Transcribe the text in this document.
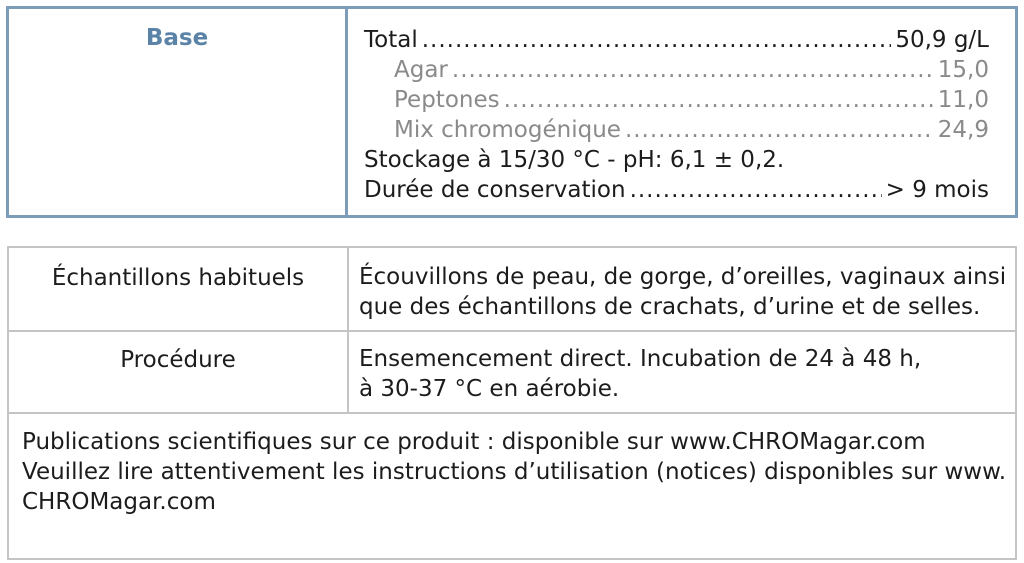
Base	Total .....	50,9 g/L
Agar .....	15,0
Peptones .....	11,0
Mix chromogénique .....	24,9
Stockage à 15/30 °C - pH: 6,1 ± 0,2.
Durée de conservation .....	> 9 mois
Échantillons habituels	Écouvillons de peau, de gorge, d’oreilles, vaginaux ainsi
que des échantillons de crachats, d’urine et de selles.
Procédure	Ensemencement direct. Incubation de 24 à 48 h,
à 30-37 °C en aérobie.
Publications scientifiques sur ce produit : disponible sur www.CHROMagar.com
Veuillez lire attentivement les instructions d’utilisation (notices) disponibles sur www.
CHROMagar.com
